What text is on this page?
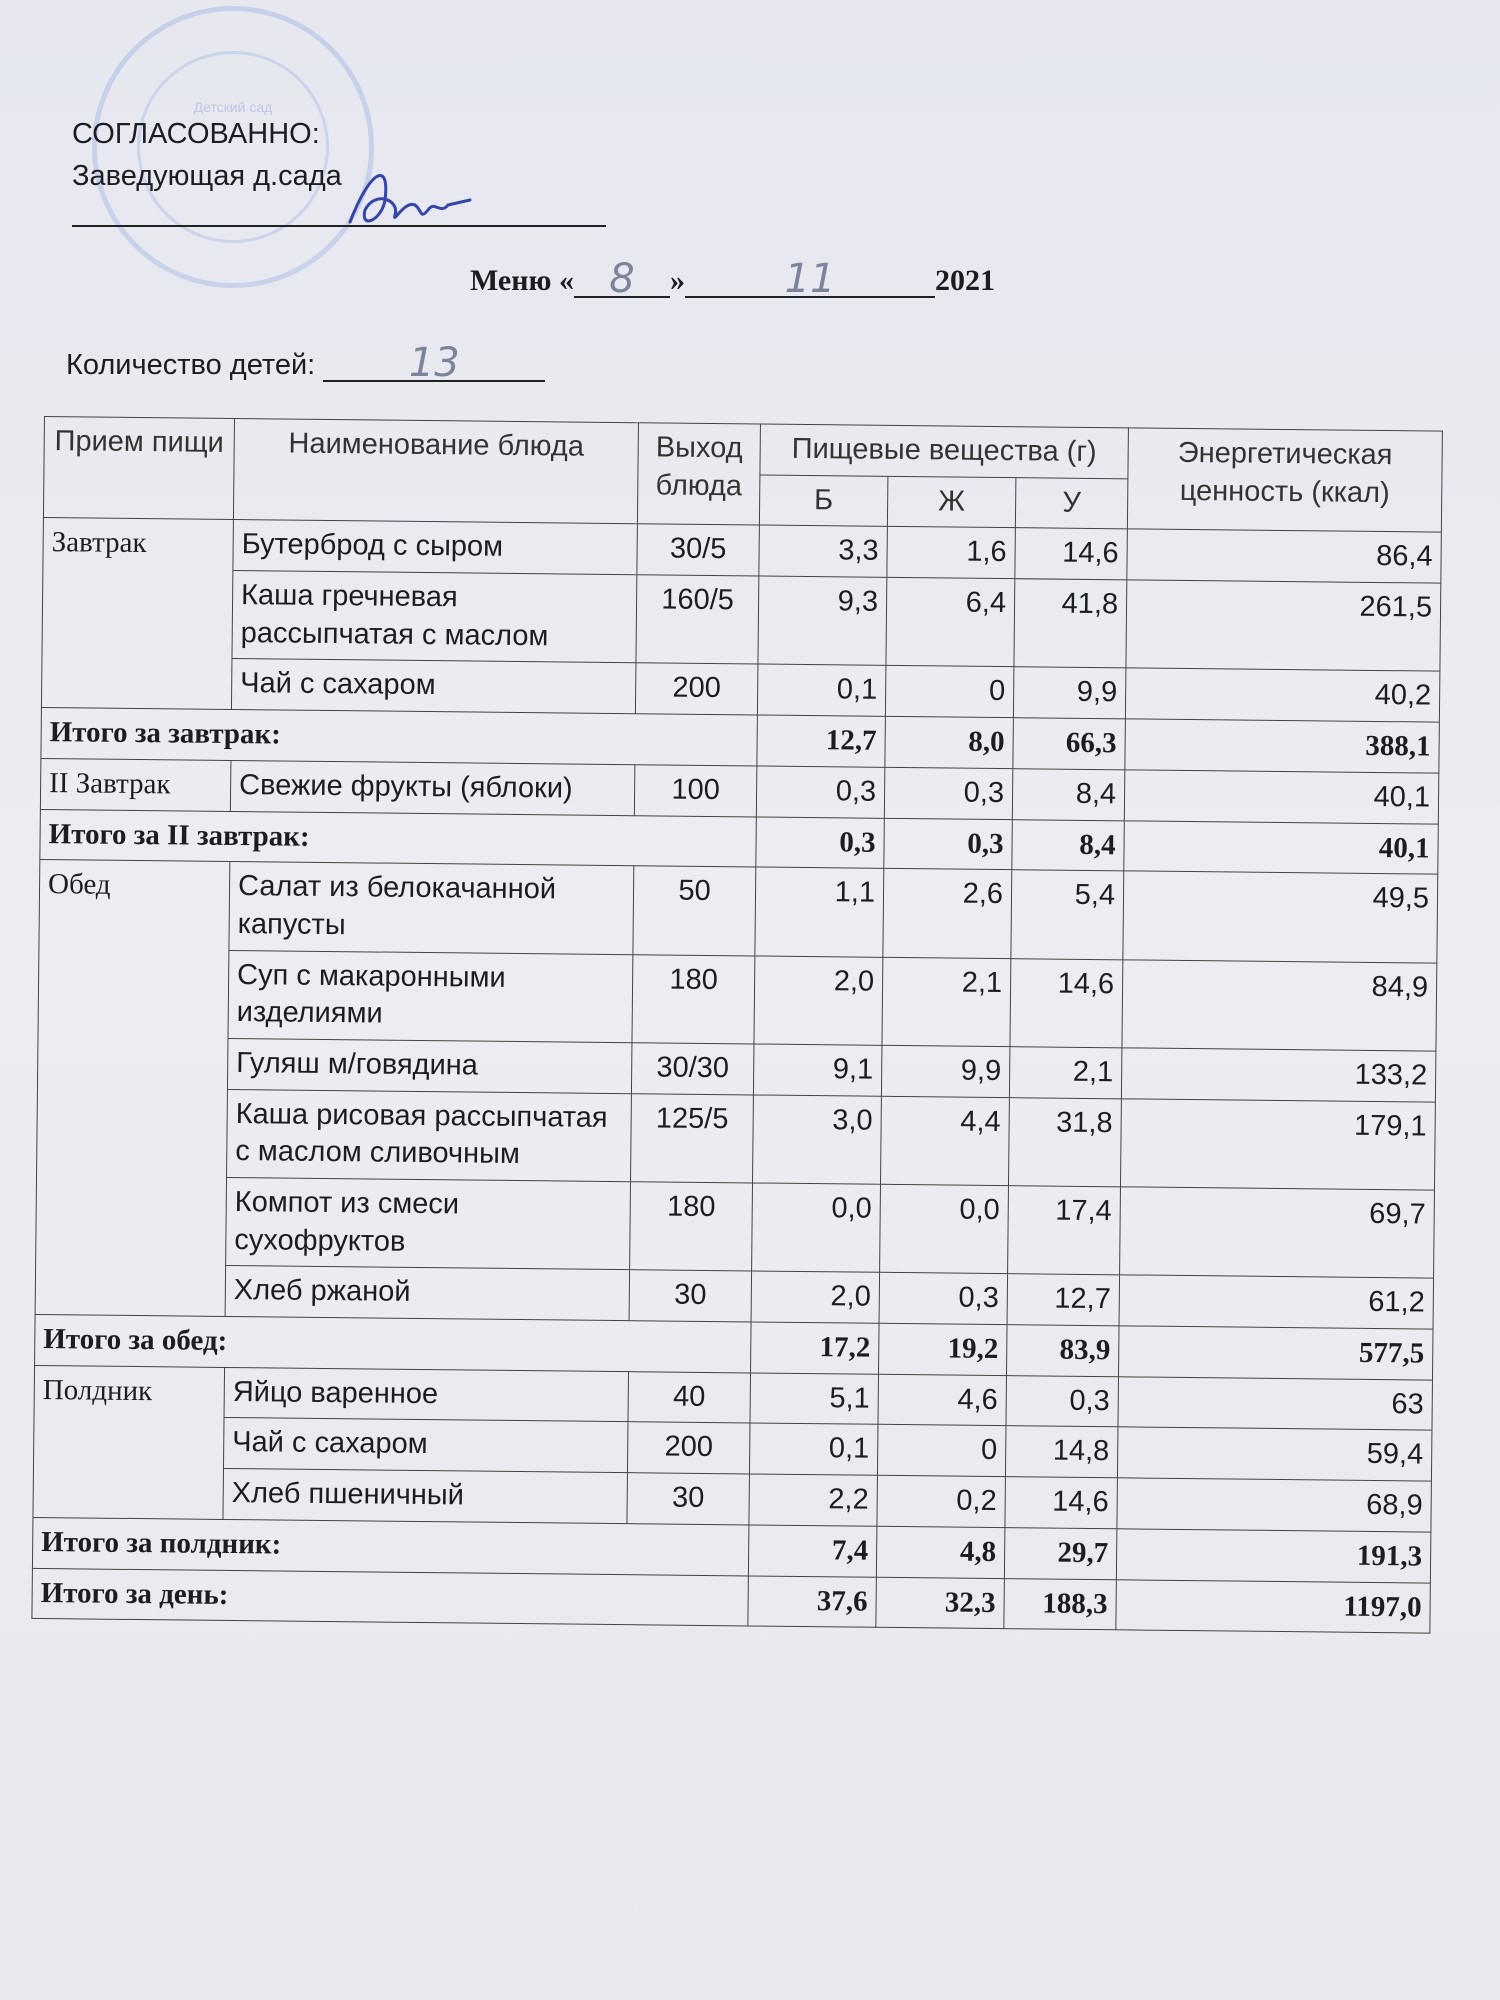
Детский сад
СОГЛАСОВАННО:
Заведующая д.сада
Меню « 8 » 11	2021
Количество детей: 13
Прием пищи	Наименование блюда	Выход блюда	Пищевые вещества (г)			Энергетическая ценность (ккал)
			Б	Ж	У	
Завтрак	Бутерброд с сыром	30/5	3,3	1,6	14,6	86,4
	Каша гречневая рассыпчатая с маслом	160/5	9,3	6,4	41,8	261,5
	Чай с сахаром	200	0,1	0	9,9	40,2
Итого за завтрак:			12,7	8,0	66,3	388,1
II Завтрак	Свежие фрукты (яблоки)	100	0,3	0,3	8,4	40,1
Итого за II завтрак:			0,3	0,3	8,4	40,1
Обед	Салат из белокачанной капусты	50	1,1	2,6	5,4	49,5
	Суп с макаронными изделиями	180	2,0	2,1	14,6	84,9
	Гуляш м/говядина	30/30	9,1	9,9	2,1	133,2
	Каша рисовая рассыпчатая с маслом сливочным	125/5	3,0	4,4	31,8	179,1
	Компот из смеси сухофруктов	180	0,0	0,0	17,4	69,7
	Хлеб ржаной	30	2,0	0,3	12,7	61,2
Итого за обед:			17,2	19,2	83,9	577,5
Полдник	Яйцо варенное	40	5,1	4,6	0,3	63
	Чай с сахаром	200	0,1	0	14,8	59,4
	Хлеб пшеничный	30	2,2	0,2	14,6	68,9
Итого за полдник:			7,4	4,8	29,7	191,3
Итого за день:			37,6	32,3	188,3	1197,0
